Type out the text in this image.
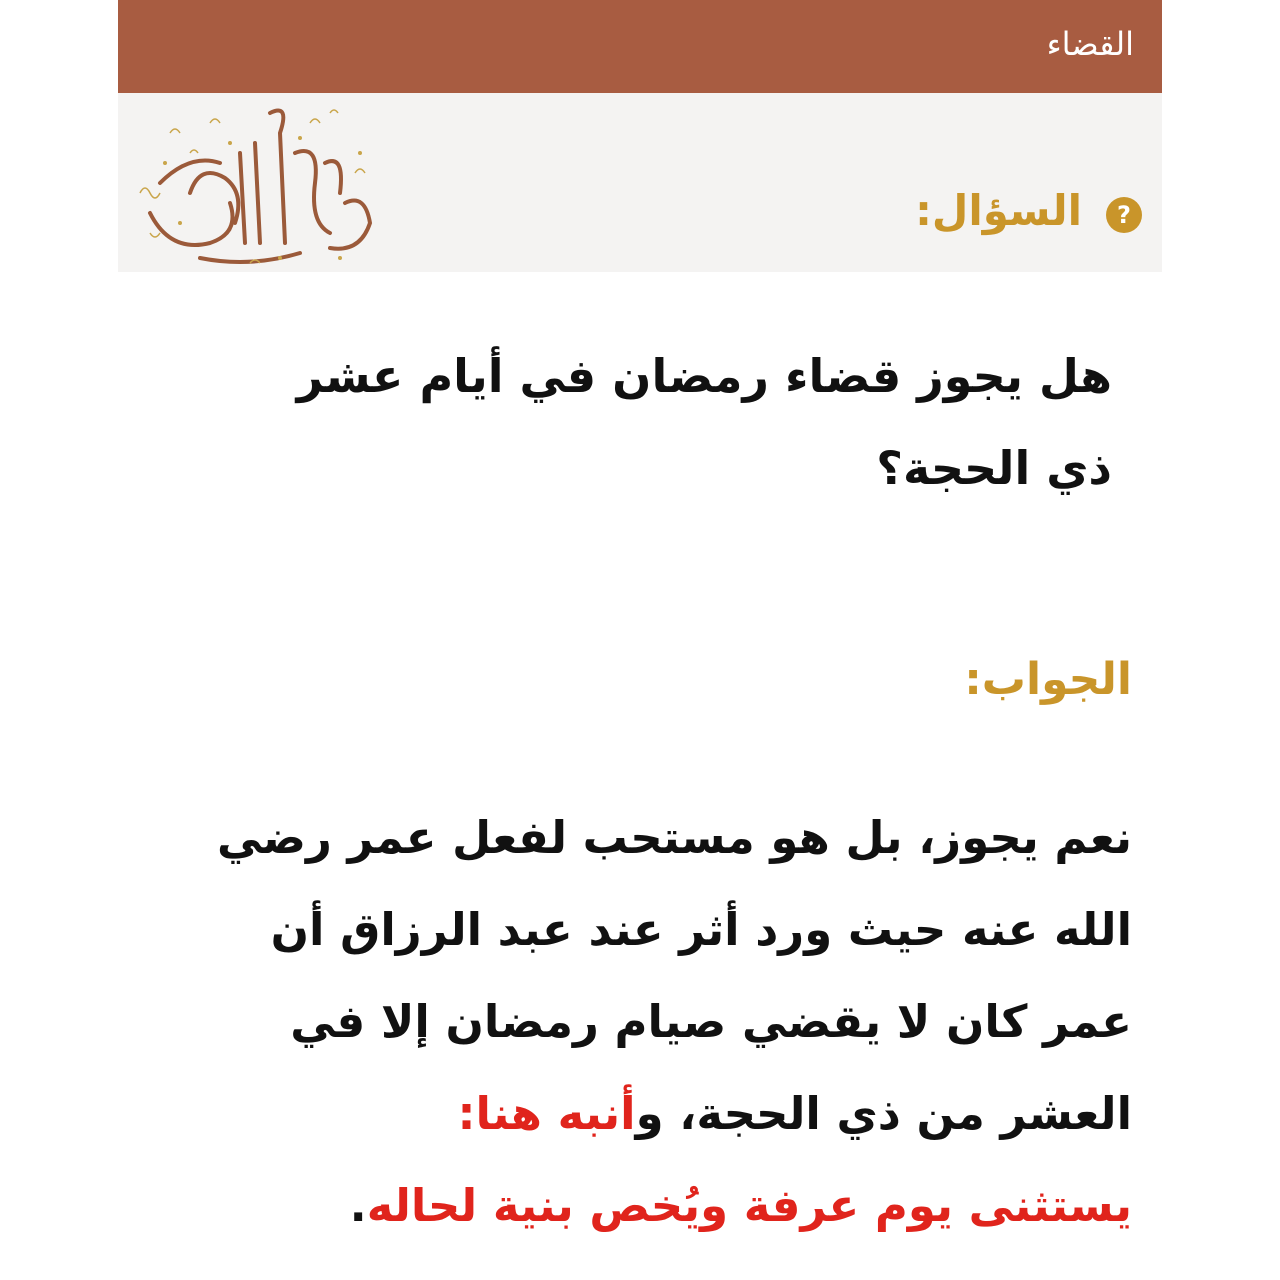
القضاء
?
السؤال:
هل يجوز قضاء رمضان في أيام عشر
ذي الحجة؟
الجواب:
نعم يجوز، بل هو مستحب لفعل عمر رضي
الله عنه حيث ورد أثر عند عبد الرزاق أن
عمر كان لا يقضي صيام رمضان إلا في
العشر من ذي الحجة، وأنبه هنا:
يستثنى يوم عرفة ويُخص بنية لحاله.
